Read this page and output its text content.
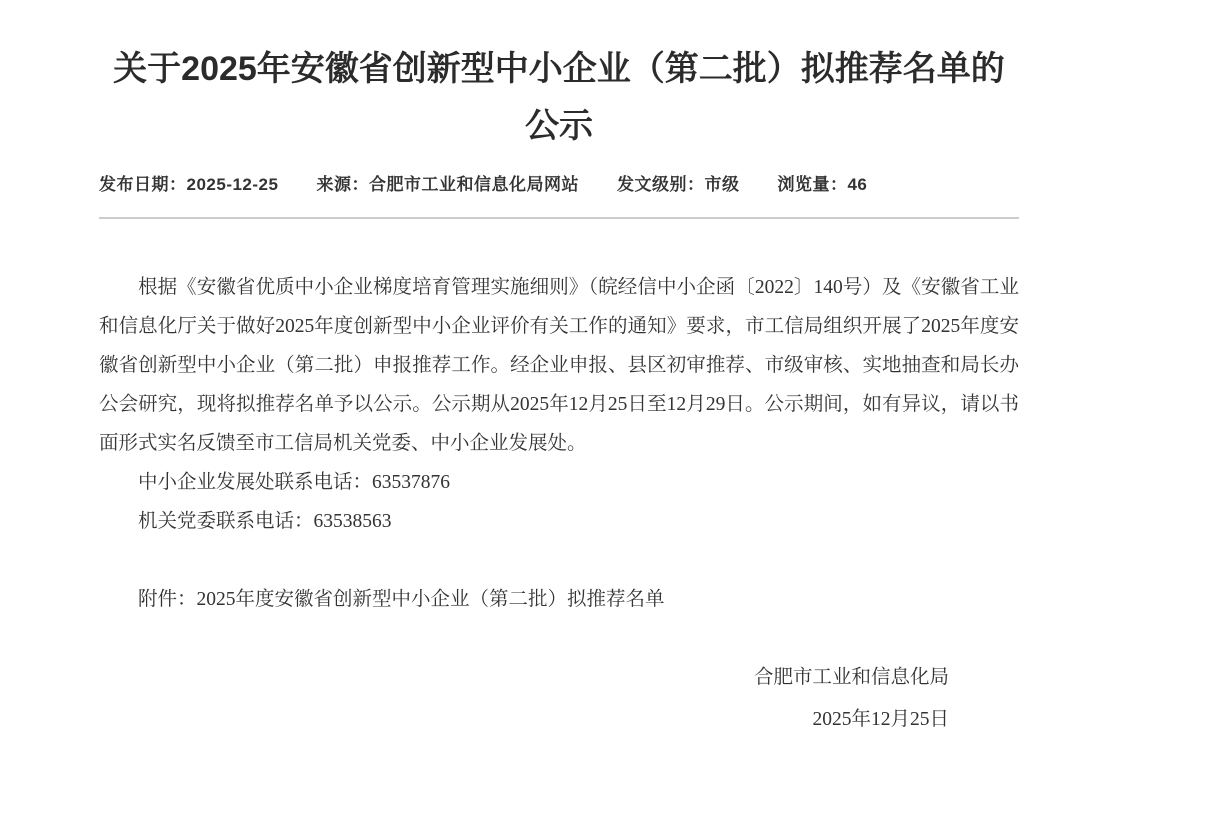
关于2025年安徽省创新型中小企业（第二批）拟推荐名单的公示
发布日期： 2025-12-25 来源： 合肥市工业和信息化局网站 发文级别： 市级 浏览量： 46

根据《安徽省优质中小企业梯度培育管理实施细则》（皖经信中小企函〔2022〕140号）及《安徽省工业和信息化厅关于做好2025年度创新型中小企业评价有关工作的通知》要求，市工信局组织开展了2025年度安徽省创新型中小企业（第二批）申报推荐工作。经企业申报、县区初审推荐、市级审核、实地抽查和局长办公会研究，现将拟推荐名单予以公示。公示期从2025年12月25日至12月29日。公示期间，如有异议，请以书面形式实名反馈至市工信局机关党委、中小企业发展处。

中小企业发展处联系电话：63537876

机关党委联系电话：63538563

附件：2025年度安徽省创新型中小企业（第二批）拟推荐名单

合肥市工业和信息化局

2025年12月25日
